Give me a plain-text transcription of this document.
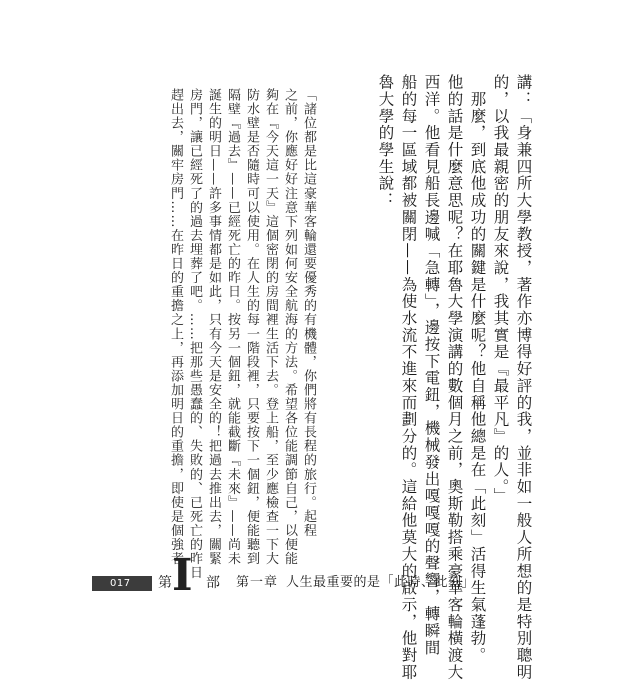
講：「身兼四所大學教授，著作亦博得好評的我，並非如一般人所想的是特別聰明
的，以我最親密的朋友來說，我其實是『最平凡』的人。」
　那麼，到底他成功的關鍵是什麼呢？他自稱他總是在「此刻」活得生氣蓬勃。
他的話是什麼意思呢？在耶魯大學演講的數個月之前，奧斯勒搭乘豪華客輪橫渡大
西洋。他看見船長邊喊「急轉」，邊按下電鈕，機械發出嘎嘎嘎的聲響，轉瞬間
船的每一區域都被關閉——為使水流不進來而劃分的。這給他莫大的啟示，他對耶
魯大學的學生說：
「諸位都是比這豪華客輪還要優秀的有機體，你們將有長程的旅行。起程
之前，你應好好注意下列如何安全航海的方法。希望各位能調節自己，以便能
夠在『今天這一天』這個密閉的房間裡生活下去。登上船，至少應檢查一下大
防水壁是否隨時可以使用。在人生的每一階段裡，只要按下一個鈕，便能聽到
隔壁『過去』——已經死亡的昨日。按另一個鈕，就能截斷『未來』——尚未
誕生的明日——許多事情都是如此，只有今天是安全的！把過去推出去，關緊
房門，讓已經死了的過去埋葬了吧。……把那些愚蠢的、失敗的、已死亡的昨日
趕出去，關牢房門……在昨日的重擔之上，再添加明日的重擔，即使是個強者
017 第 I 部 第一章 人生最重要的是「此時、此刻」
